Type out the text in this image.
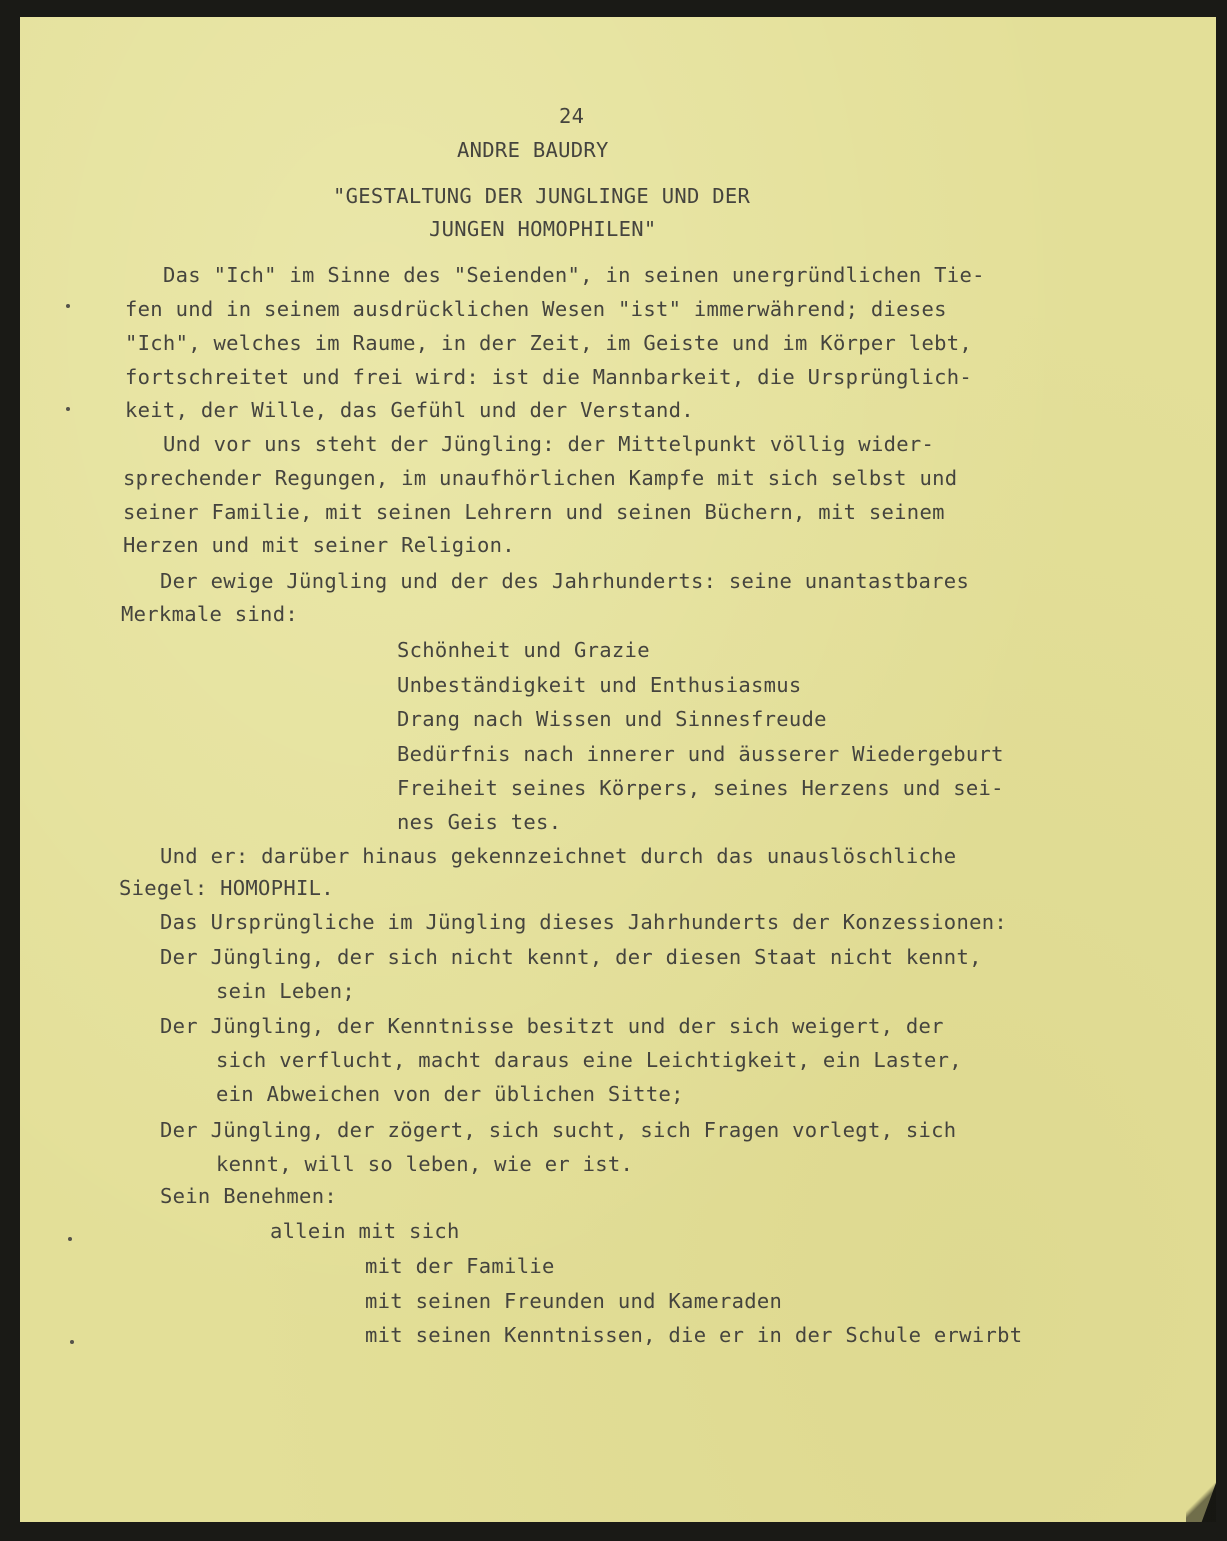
24
ANDRE BAUDRY
"GESTALTUNG DER JUNGLINGE UND DER
JUNGEN HOMOPHILEN"
Das "Ich" im Sinne des "Seienden", in seinen unergründlichen Tie-
fen und in seinem ausdrücklichen Wesen "ist" immerwährend; dieses
"Ich", welches im Raume, in der Zeit, im Geiste und im Körper lebt,
fortschreitet und frei wird: ist die Mannbarkeit, die Ursprünglich-
keit, der Wille, das Gefühl und der Verstand.
Und vor uns steht der Jüngling: der Mittelpunkt völlig wider-
sprechender Regungen, im unaufhörlichen Kampfe mit sich selbst und
seiner Familie, mit seinen Lehrern und seinen Büchern, mit seinem
Herzen und mit seiner Religion.
Der ewige Jüngling und der des Jahrhunderts: seine unantastbares
Merkmale sind:
Schönheit und Grazie
Unbeständigkeit und Enthusiasmus
Drang nach Wissen und Sinnesfreude
Bedürfnis nach innerer und äusserer Wiedergeburt
Freiheit seines Körpers, seines Herzens und sei-
nes Geis tes.
Und er: darüber hinaus gekennzeichnet durch das unauslöschliche
Siegel: HOMOPHIL.
Das Ursprüngliche im Jüngling dieses Jahrhunderts der Konzessionen:
Der Jüngling, der sich nicht kennt, der diesen Staat nicht kennt,
sein Leben;
Der Jüngling, der Kenntnisse besitzt und der sich weigert, der
sich verflucht, macht daraus eine Leichtigkeit, ein Laster,
ein Abweichen von der üblichen Sitte;
Der Jüngling, der zögert, sich sucht, sich Fragen vorlegt, sich
kennt, will so leben, wie er ist.
Sein Benehmen:
allein mit sich
mit der Familie
mit seinen Freunden und Kameraden
mit seinen Kenntnissen, die er in der Schule erwirbt
